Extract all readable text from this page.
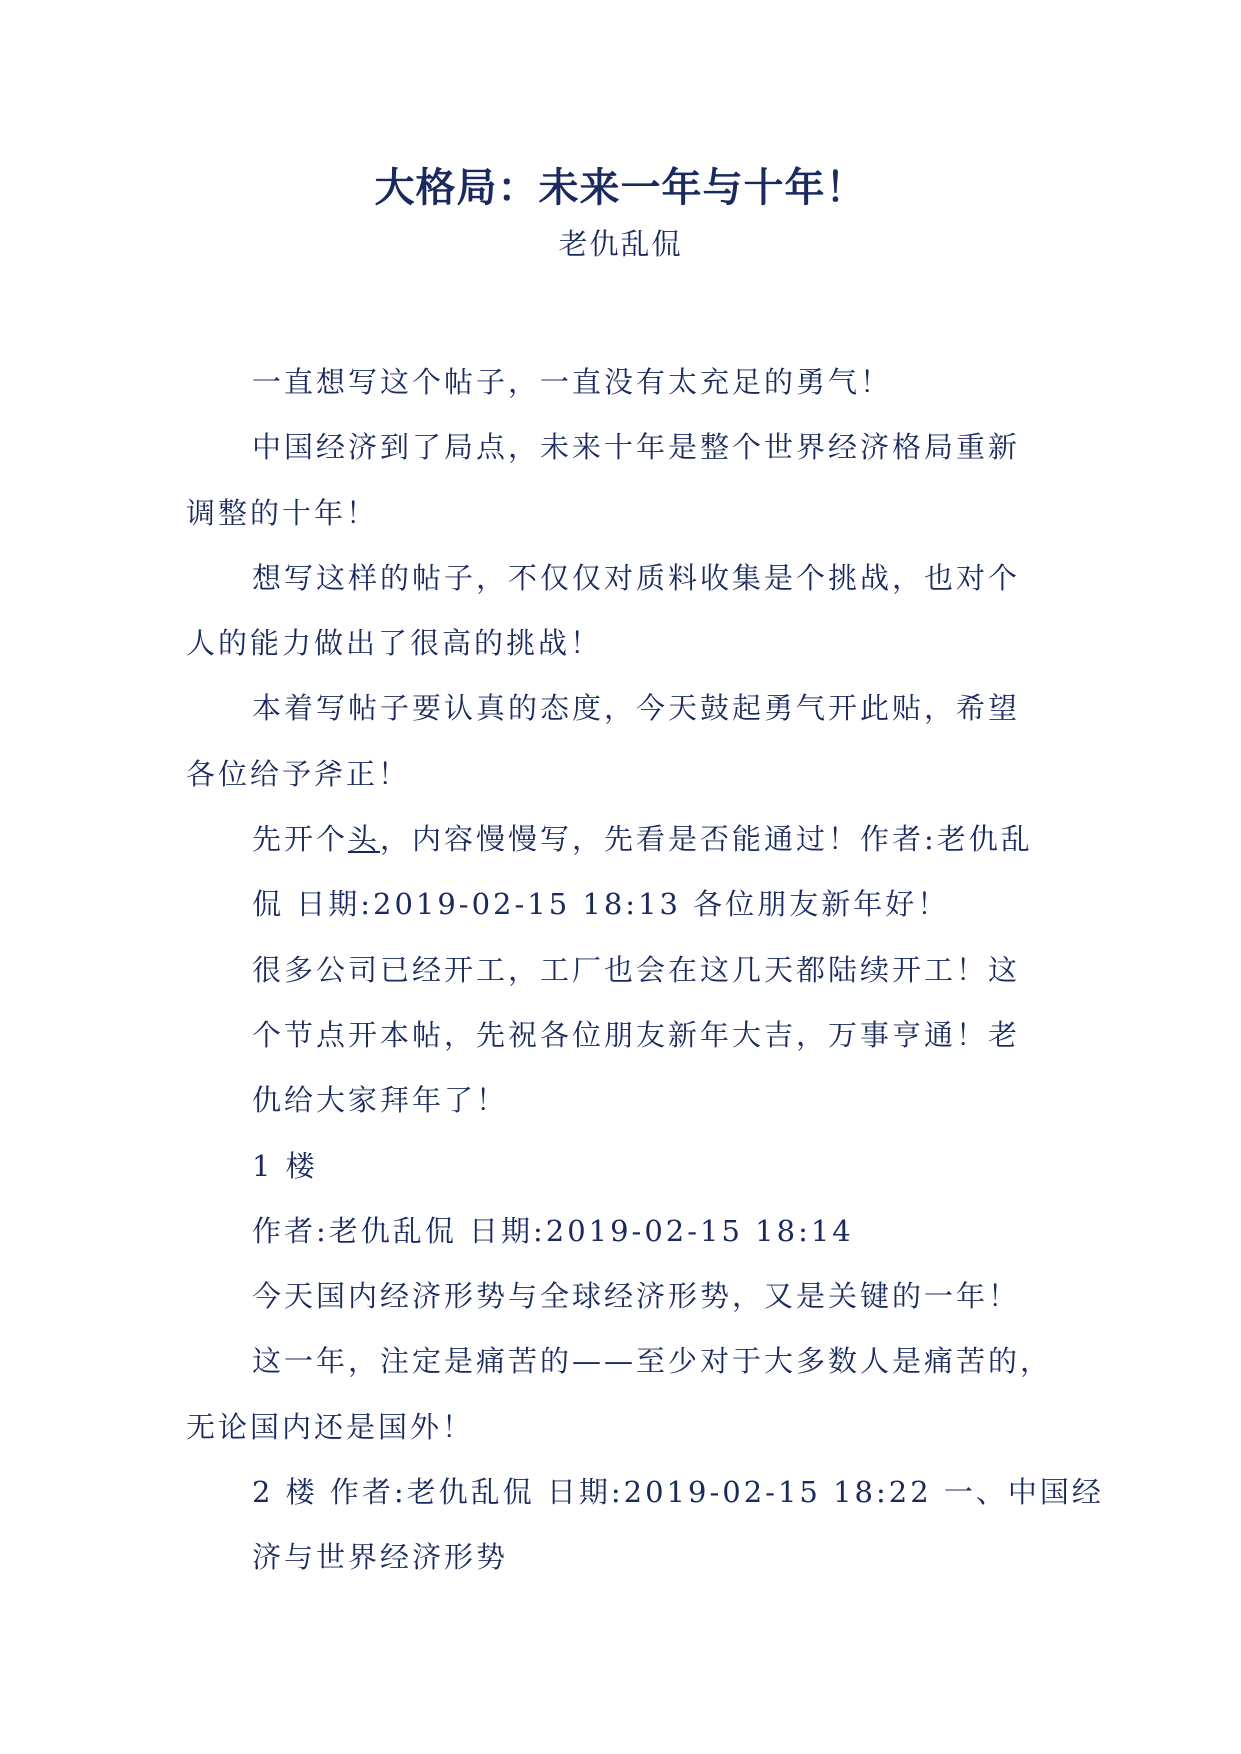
大格局：未来一年与十年！
老仇乱侃

一直想写这个帖子，一直没有太充足的勇气！

中国经济到了局点，未来十年是整个世界经济格局重新

调整的十年！

想写这样的帖子，不仅仅对质料收集是个挑战，也对个

人的能力做出了很高的挑战！

本着写帖子要认真的态度，今天鼓起勇气开此贴，希望

各位给予斧正！

先开个头，内容慢慢写，先看是否能通过！作者:老仇乱

侃 日期:2019-02-15 18:13 各位朋友新年好！

很多公司已经开工，工厂也会在这几天都陆续开工！这

个节点开本帖，先祝各位朋友新年大吉，万事亨通！老

仇给大家拜年了！

1 楼

作者:老仇乱侃 日期:2019-02-15 18:14

今天国内经济形势与全球经济形势，又是关键的一年！

这一年，注定是痛苦的——至少对于大多数人是痛苦的，

无论国内还是国外！

2 楼 作者:老仇乱侃 日期:2019-02-15 18:22 一、中国经

济与世界经济形势
